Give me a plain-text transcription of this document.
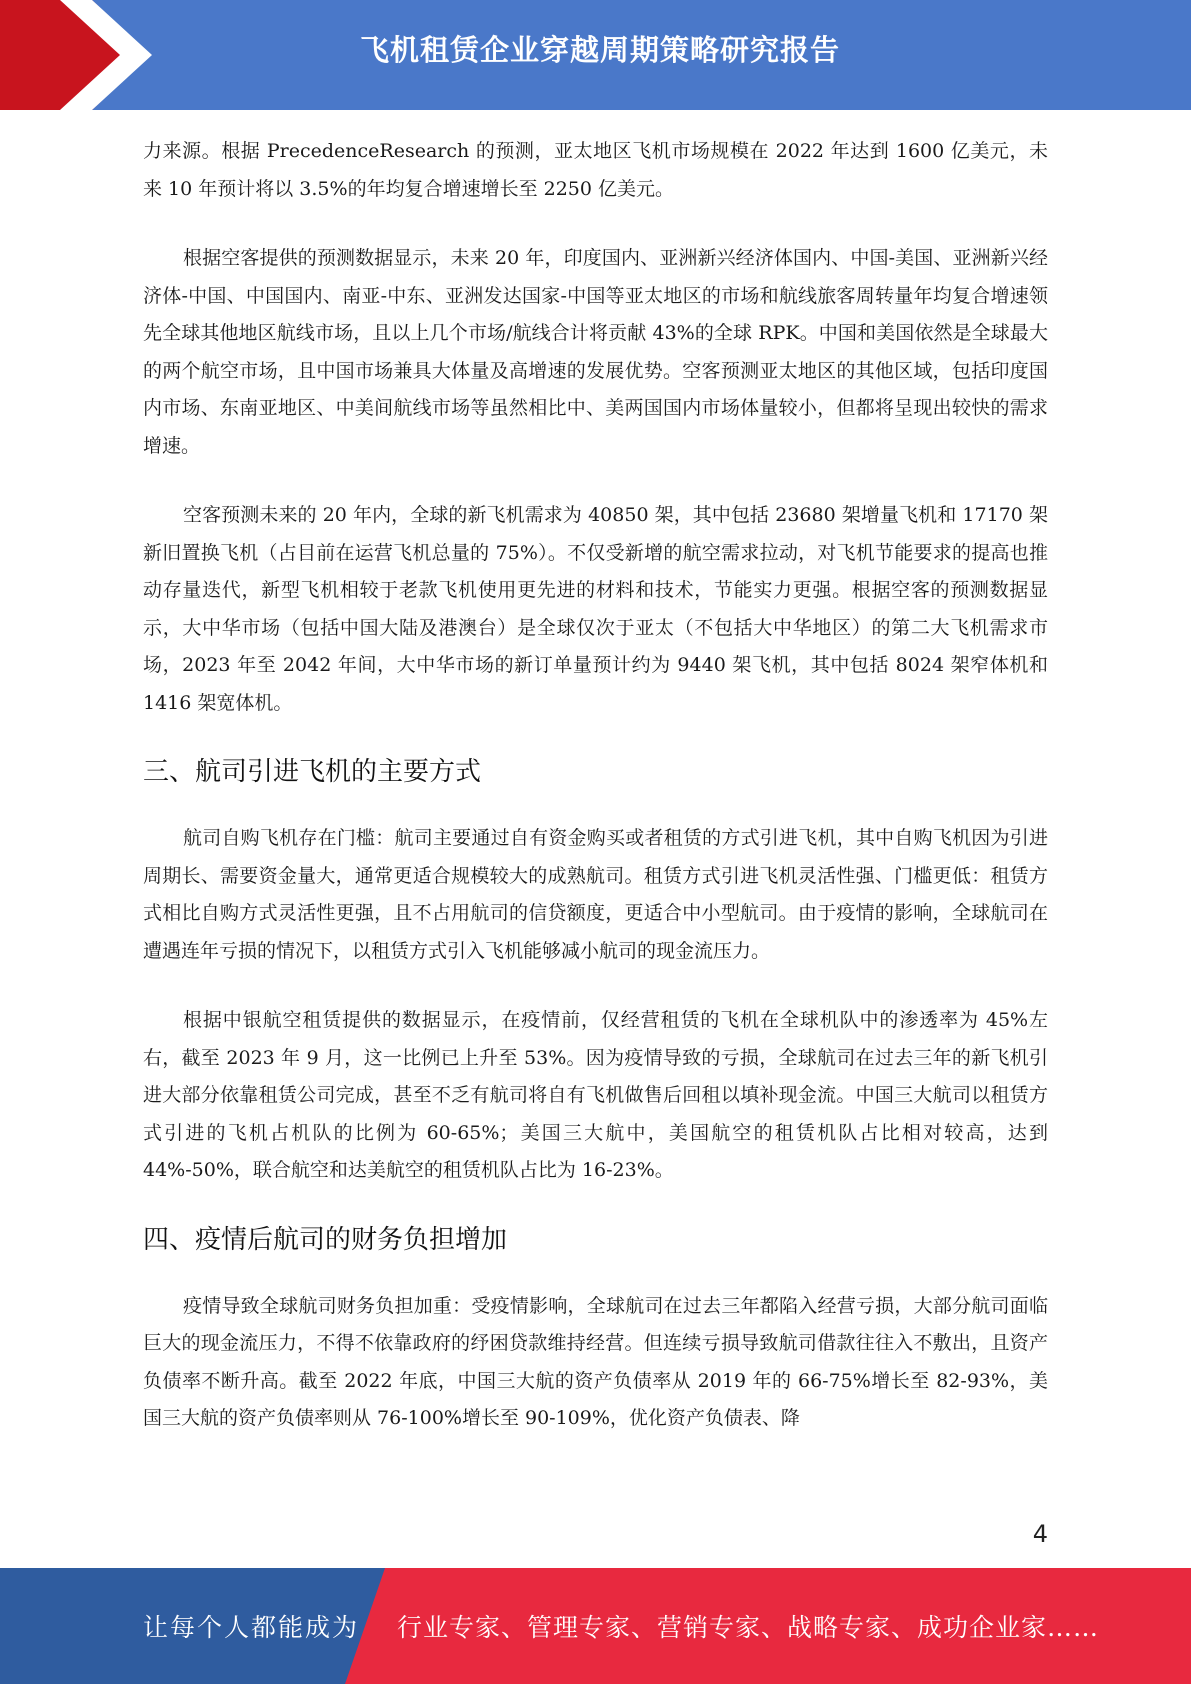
飞机租赁企业穿越周期策略研究报告

力来源。根据 PrecedenceResearch 的预测，亚太地区飞机市场规模在 2022 年达到 1600 亿美元，未来 10 年预计将以 3.5%的年均复合增速增长至 2250 亿美元。

根据空客提供的预测数据显示，未来 20 年，印度国内、亚洲新兴经济体国内、中国-美国、亚洲新兴经济体-中国、中国国内、南亚-中东、亚洲发达国家-中国等亚太地区的市场和航线旅客周转量年均复合增速领先全球其他地区航线市场，且以上几个市场/航线合计将贡献 43%的全球 RPK。中国和美国依然是全球最大的两个航空市场，且中国市场兼具大体量及高增速的发展优势。空客预测亚太地区的其他区域，包括印度国内市场、东南亚地区、中美间航线市场等虽然相比中、美两国国内市场体量较小，但都将呈现出较快的需求增速。

空客预测未来的 20 年内，全球的新飞机需求为 40850 架，其中包括 23680 架增量飞机和 17170 架新旧置换飞机（占目前在运营飞机总量的 75%）。不仅受新增的航空需求拉动，对飞机节能要求的提高也推动存量迭代，新型飞机相较于老款飞机使用更先进的材料和技术，节能实力更强。根据空客的预测数据显示，大中华市场（包括中国大陆及港澳台）是全球仅次于亚太（不包括大中华地区）的第二大飞机需求市场，2023 年至 2042 年间，大中华市场的新订单量预计约为 9440 架飞机，其中包括 8024 架窄体机和 1416 架宽体机。

三、航司引进飞机的主要方式

航司自购飞机存在门槛：航司主要通过自有资金购买或者租赁的方式引进飞机，其中自购飞机因为引进周期长、需要资金量大，通常更适合规模较大的成熟航司。租赁方式引进飞机灵活性强、门槛更低：租赁方式相比自购方式灵活性更强，且不占用航司的信贷额度，更适合中小型航司。由于疫情的影响，全球航司在遭遇连年亏损的情况下，以租赁方式引入飞机能够减小航司的现金流压力。

根据中银航空租赁提供的数据显示，在疫情前，仅经营租赁的飞机在全球机队中的渗透率为 45%左右，截至 2023 年 9 月，这一比例已上升至 53%。因为疫情导致的亏损，全球航司在过去三年的新飞机引进大部分依靠租赁公司完成，甚至不乏有航司将自有飞机做售后回租以填补现金流。中国三大航司以租赁方式引进的飞机占机队的比例为 60-65%；美国三大航中，美国航空的租赁机队占比相对较高，达到 44%-50%，联合航空和达美航空的租赁机队占比为 16-23%。

四、疫情后航司的财务负担增加

疫情导致全球航司财务负担加重：受疫情影响，全球航司在过去三年都陷入经营亏损，大部分航司面临巨大的现金流压力，不得不依靠政府的纾困贷款维持经营。但连续亏损导致航司借款往往入不敷出，且资产负债率不断升高。截至 2022 年底，中国三大航的资产负债率从 2019 年的 66-75%增长至 82-93%，美国三大航的资产负债率则从 76-100%增长至 90-109%，优化资产负债表、降

4
让每个人都能成为 行业专家、管理专家、营销专家、战略专家、成功企业家……
